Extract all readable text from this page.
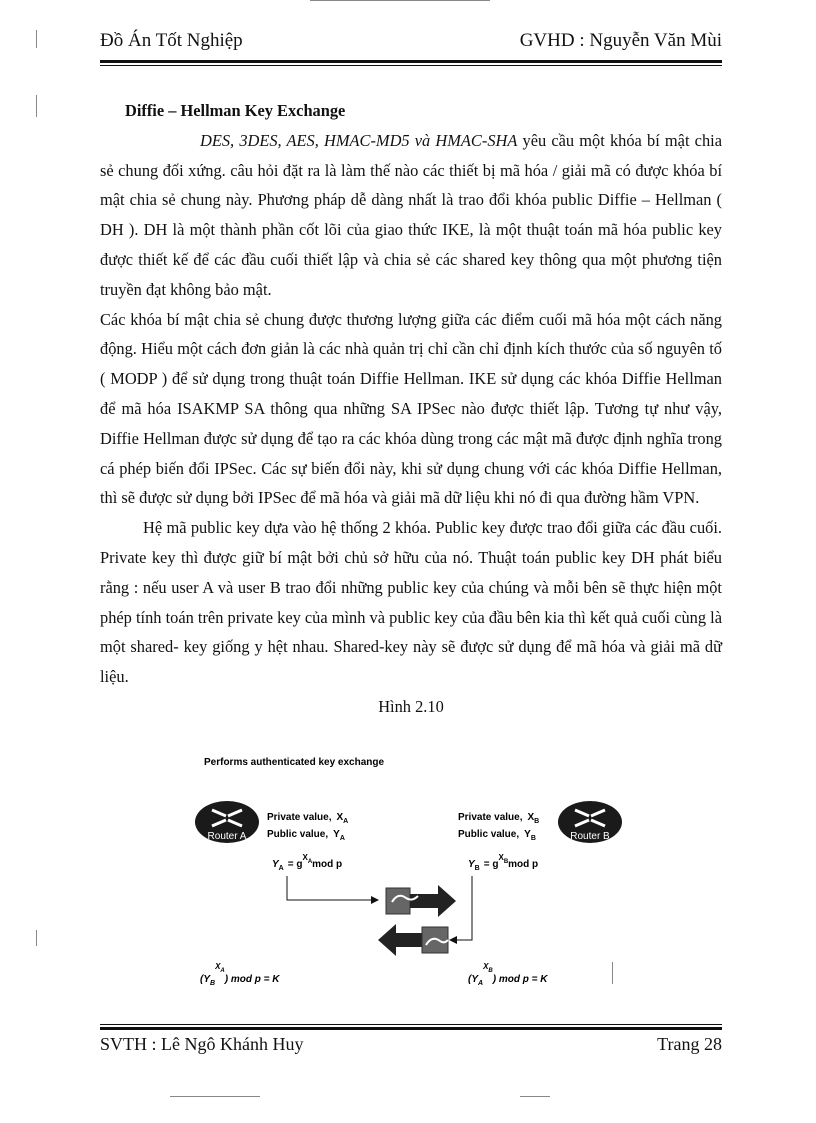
Đồ Án Tốt Nghiệp	GVHD : Nguyễn Văn Mùi

Diffie – Hellman Key Exchange

DES, 3DES, AES, HMAC-MD5 và HMAC-SHA yêu cầu một khóa bí mật chia sẻ chung đối xứng. câu hỏi đặt ra là làm thế nào các thiết bị mã hóa / giải mã có được khóa bí mật chia sẻ chung này. Phương pháp dễ dàng nhất là trao đổi khóa public Diffie – Hellman ( DH ). DH là một thành phần cốt lõi của giao thức IKE, là một thuật toán mã hóa public key được thiết kế để các đầu cuối thiết lập và chia sẻ các shared key thông qua một phương tiện truyền đạt không bảo mật.

Các khóa bí mật chia sẻ chung được thương lượng giữa các điểm cuối mã hóa một cách năng động. Hiểu một cách đơn giản là các nhà quản trị chỉ cần chỉ định kích thước của số nguyên tố ( MODP ) để sử dụng trong thuật toán Diffie Hellman. IKE sử dụng các khóa Diffie Hellman để mã hóa ISAKMP SA thông qua những SA IPSec nào được thiết lập. Tương tự như vậy, Diffie Hellman được sử dụng để tạo ra các khóa dùng trong các mật mã được định nghĩa trong cá phép biến đổi IPSec. Các sự biến đổi này, khi sử dụng chung với các khóa Diffie Hellman, thì sẽ được sử dụng bởi IPSec để mã hóa và giải mã dữ liệu khi nó đi qua đường hầm VPN.

Hệ mã public key dựa vào hệ thống 2 khóa. Public key được trao đổi giữa các đầu cuối. Private key thì được giữ bí mật bởi chủ sở hữu của nó. Thuật toán public key DH phát biểu rằng : nếu user A và user B trao đổi những public key của chúng và mỗi bên sẽ thực hiện một phép tính toán trên private key của mình và public key của đầu bên kia thì kết quả cuối cùng là một shared- key giống y hệt nhau. Shared-key này sẽ được sử dụng để mã hóa và giải mã dữ liệu.

Hình 2.10

Performs authenticated key exchange
Router A	Router B
Private value, $X_A$
Public value, $Y_A$
Private value, $X_B$
Public value, $Y_B$
$Y_A = g^X_Amod$ p	$Y_B = g^X_Bmod$ p
$(Y_B^X_A)$ mod p = K	$(Y_A^X_B)$ mod p = K
SVTH : Lê Ngô Khánh Huy	Trang 28
